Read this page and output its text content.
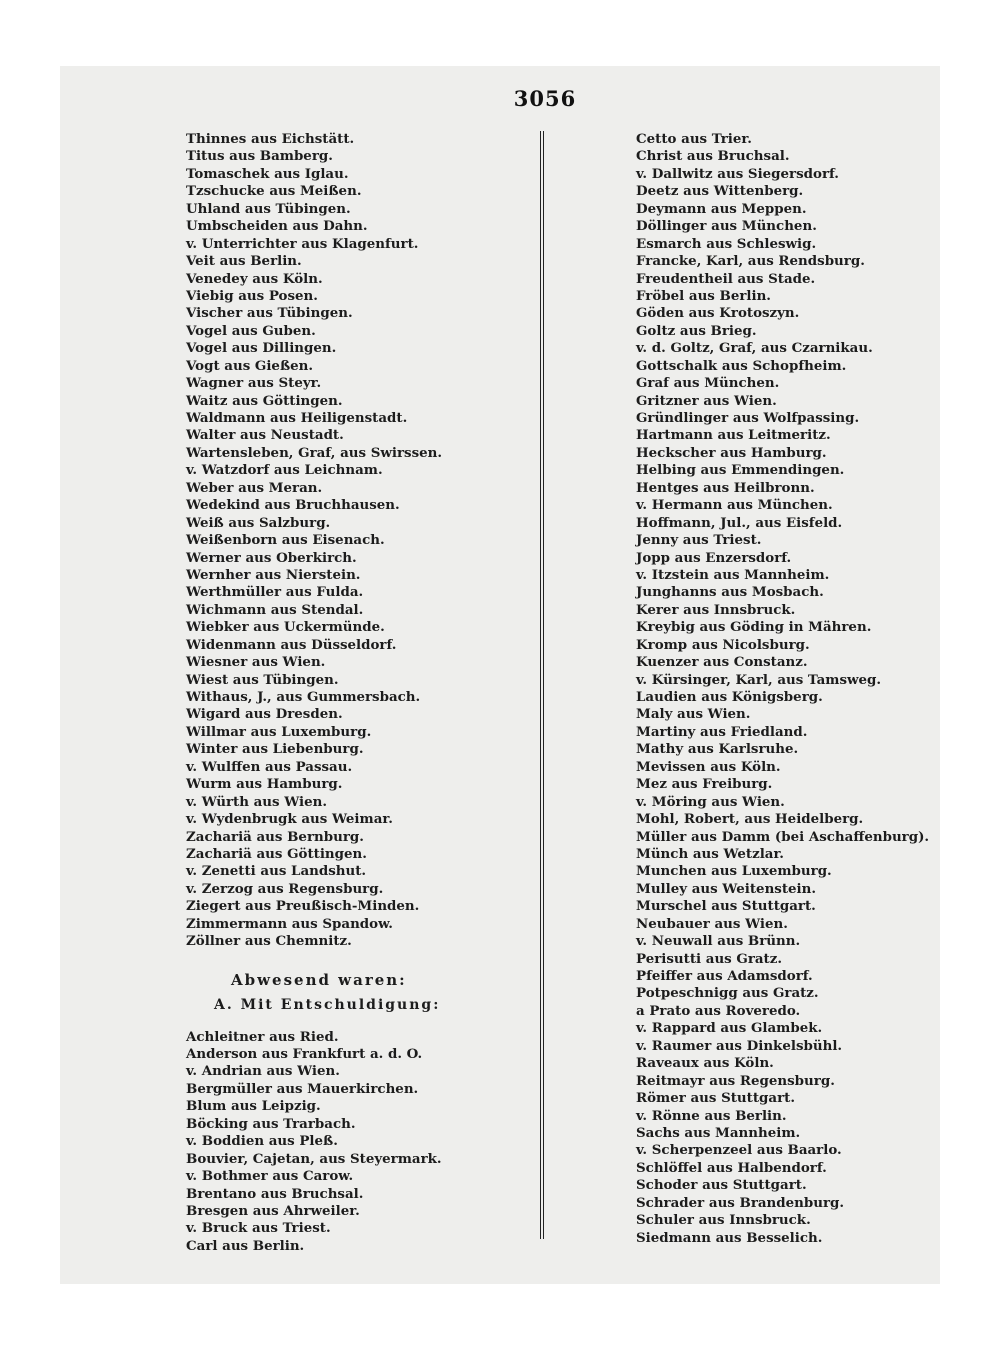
3056
Thinnes aus Eichstätt.
Titus aus Bamberg.
Tomaschek aus Iglau.
Tzschucke aus Meißen.
Uhland aus Tübingen.
Umbscheiden aus Dahn.
v. Unterrichter aus Klagenfurt.
Veit aus Berlin.
Venedey aus Köln.
Viebig aus Posen.
Vischer aus Tübingen.
Vogel aus Guben.
Vogel aus Dillingen.
Vogt aus Gießen.
Wagner aus Steyr.
Waitz aus Göttingen.
Waldmann aus Heiligenstadt.
Walter aus Neustadt.
Wartensleben, Graf, aus Swirssen.
v. Watzdorf aus Leichnam.
Weber aus Meran.
Wedekind aus Bruchhausen.
Weiß aus Salzburg.
Weißenborn aus Eisenach.
Werner aus Oberkirch.
Wernher aus Nierstein.
Werthmüller aus Fulda.
Wichmann aus Stendal.
Wiebker aus Uckermünde.
Widenmann aus Düsseldorf.
Wiesner aus Wien.
Wiest aus Tübingen.
Withaus, J., aus Gummersbach.
Wigard aus Dresden.
Willmar aus Luxemburg.
Winter aus Liebenburg.
v. Wulffen aus Passau.
Wurm aus Hamburg.
v. Würth aus Wien.
v. Wydenbrugk aus Weimar.
Zachariä aus Bernburg.
Zachariä aus Göttingen.
v. Zenetti aus Landshut.
v. Zerzog aus Regensburg.
Ziegert aus Preußisch-Minden.
Zimmermann aus Spandow.
Zöllner aus Chemnitz.
Abwesend waren:
A. Mit Entschuldigung:
Achleitner aus Ried.
Anderson aus Frankfurt a. d. O.
v. Andrian aus Wien.
Bergmüller aus Mauerkirchen.
Blum aus Leipzig.
Böcking aus Trarbach.
v. Boddien aus Pleß.
Bouvier, Cajetan, aus Steyermark.
v. Bothmer aus Carow.
Brentano aus Bruchsal.
Bresgen aus Ahrweiler.
v. Bruck aus Triest.
Carl aus Berlin.
Cetto aus Trier.
Christ aus Bruchsal.
v. Dallwitz aus Siegersdorf.
Deetz aus Wittenberg.
Deymann aus Meppen.
Döllinger aus München.
Esmarch aus Schleswig.
Francke, Karl, aus Rendsburg.
Freudentheil aus Stade.
Fröbel aus Berlin.
Göden aus Krotoszyn.
Goltz aus Brieg.
v. d. Goltz, Graf, aus Czarnikau.
Gottschalk aus Schopfheim.
Graf aus München.
Gritzner aus Wien.
Gründlinger aus Wolfpassing.
Hartmann aus Leitmeritz.
Heckscher aus Hamburg.
Helbing aus Emmendingen.
Hentges aus Heilbronn.
v. Hermann aus München.
Hoffmann, Jul., aus Eisfeld.
Jenny aus Triest.
Jopp aus Enzersdorf.
v. Itzstein aus Mannheim.
Junghanns aus Mosbach.
Kerer aus Innsbruck.
Kreybig aus Göding in Mähren.
Kromp aus Nicolsburg.
Kuenzer aus Constanz.
v. Kürsinger, Karl, aus Tamsweg.
Laudien aus Königsberg.
Maly aus Wien.
Martiny aus Friedland.
Mathy aus Karlsruhe.
Mevissen aus Köln.
Mez aus Freiburg.
v. Möring aus Wien.
Mohl, Robert, aus Heidelberg.
Müller aus Damm (bei Aschaffenburg).
Münch aus Wetzlar.
Munchen aus Luxemburg.
Mulley aus Weitenstein.
Murschel aus Stuttgart.
Neubauer aus Wien.
v. Neuwall aus Brünn.
Perisutti aus Gratz.
Pfeiffer aus Adamsdorf.
Potpeschnigg aus Gratz.
a Prato aus Roveredo.
v. Rappard aus Glambek.
v. Raumer aus Dinkelsbühl.
Raveaux aus Köln.
Reitmayr aus Regensburg.
Römer aus Stuttgart.
v. Rönne aus Berlin.
Sachs aus Mannheim.
v. Scherpenzeel aus Baarlo.
Schlöffel aus Halbendorf.
Schoder aus Stuttgart.
Schrader aus Brandenburg.
Schuler aus Innsbruck.
Siedmann aus Besselich.
